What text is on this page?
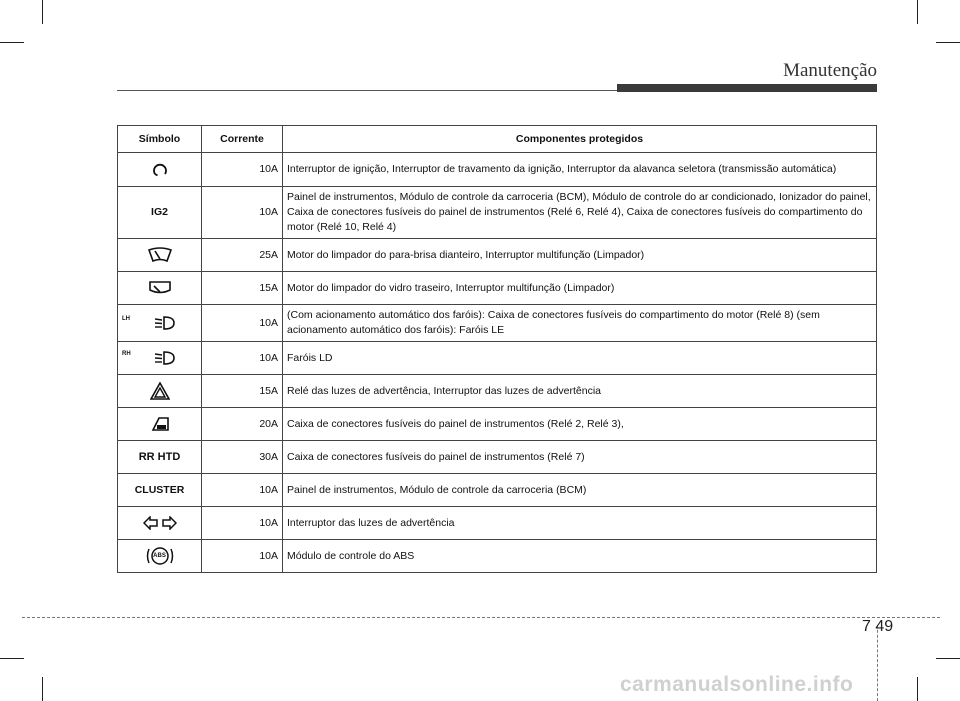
Manutenção
Símbolo	Corrente	Componentes protegidos

	10A	Interruptor de ignição, Interruptor de travamento da ignição, Interruptor da alavanca seletora (transmissão automática)
IG2	10A	Painel de instrumentos, Módulo de controle da carroceria (BCM), Módulo de controle do ar condicionado, Ionizador do painel, Caixa de conectores fusíveis do painel de instrumentos (Relé 6, Relé 4), Caixa de conectores fusíveis do compartimento do motor (Relé 10, Relé 4)

	25A	Motor do limpador do para-brisa dianteiro, Interruptor multifunção (Limpador)

	15A	Motor do limpador do vidro traseiro, Interruptor multifunção (Limpador)

LH	10A	(Com acionamento automático dos faróis): Caixa de conectores fusíveis do compartimento do motor (Relé 8) (sem acionamento automático dos faróis): Faróis LE

RH	10A	Faróis LD

	15A	Relé das luzes de advertência, Interruptor das luzes de advertência

	20A	Caixa de conectores fusíveis do painel de instrumentos (Relé 2, Relé 3),
RR HTD	30A	Caixa de conectores fusíveis do painel de instrumentos (Relé 7)
CLUSTER	10A	Painel de instrumentos, Módulo de controle da carroceria (BCM)

	10A	Interruptor das luzes de advertência

ABS	10A	Módulo de controle do ABS
7 49
carmanualsonline.info
